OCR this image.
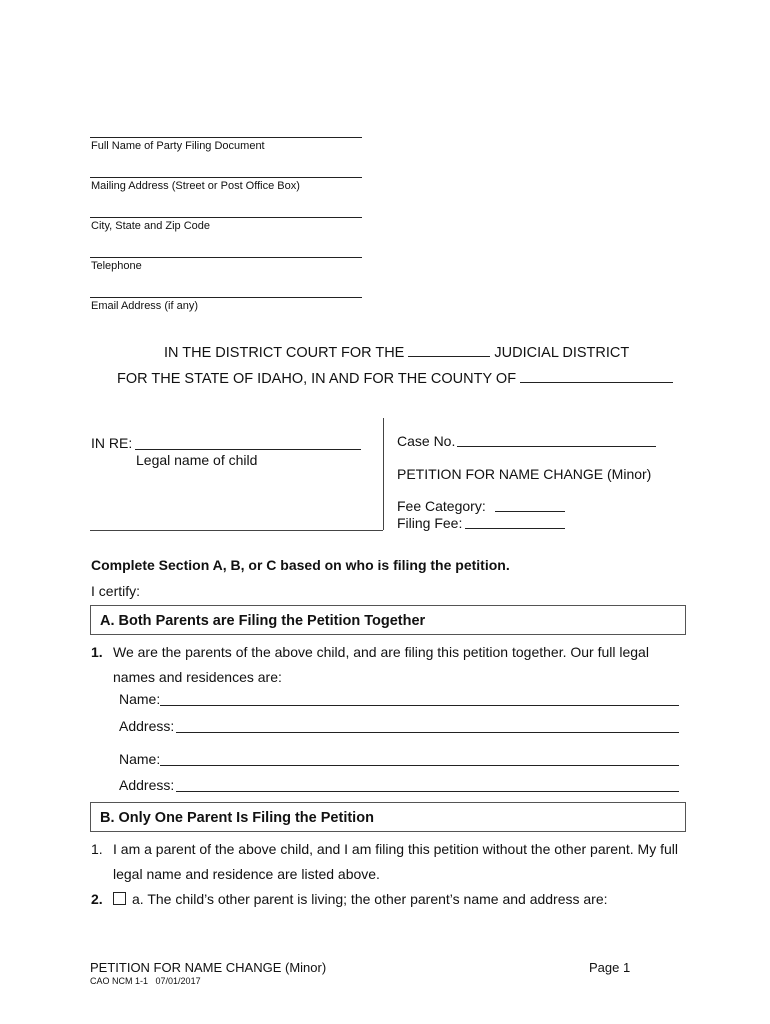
Full Name of Party Filing Document
Mailing Address (Street or Post Office Box)
City, State and Zip Code
Telephone
Email Address (if any)
IN THE DISTRICT COURT FOR THE	JUDICIAL DISTRICT
FOR THE STATE OF IDAHO, IN AND FOR THE COUNTY OF
IN RE:
Legal name of child
Case No.
PETITION FOR NAME CHANGE (Minor)
Fee Category:
Filing Fee:
Complete Section A, B, or C based on who is filing the petition.
I certify:
A. Both Parents are Filing the Petition Together
1. We are the parents of the above child, and are filing this petition together. Our full legal
names and residences are:
Name:
Address:
Name:
Address:
B. Only One Parent Is Filing the Petition
1. I am a parent of the above child, and I am filing this petition without the other parent. My full
legal name and residence are listed above.
2. a. The child’s other parent is living; the other parent’s name and address are:
PETITION FOR NAME CHANGE (Minor)
CAO NCM 1-1 07/01/2017
Page 1
